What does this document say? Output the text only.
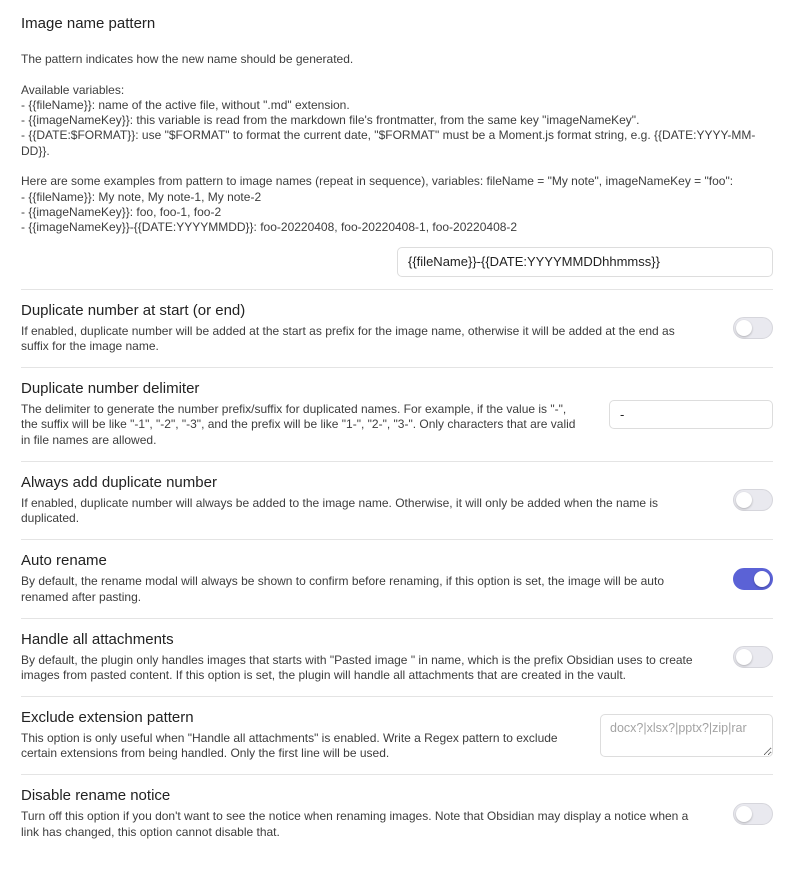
Image name pattern
The pattern indicates how the new name should be generated.
Available variables:
- {{fileName}}: name of the active file, without ".md" extension.
- {{imageNameKey}}: this variable is read from the markdown file's frontmatter, from the same key "imageNameKey".
- {{DATE:$FORMAT}}: use "$FORMAT" to format the current date, "$FORMAT" must be a Moment.js format string, e.g. {{DATE:YYYY-MM-DD}}.
Here are some examples from pattern to image names (repeat in sequence), variables: fileName = "My note", imageNameKey = "foo":
- {{fileName}}: My note, My note-1, My note-2
- {{imageNameKey}}: foo, foo-1, foo-2
- {{imageNameKey}}-{{DATE:YYYYMMDD}}: foo-20220408, foo-20220408-1, foo-20220408-2
{{fileName}}-{{DATE:YYYYMMDDhhmmss}}
Duplicate number at start (or end)
If enabled, duplicate number will be added at the start as prefix for the image name, otherwise it will be added at the end as suffix for the image name.
Duplicate number delimiter
The delimiter to generate the number prefix/suffix for duplicated names. For example, if the value is "-", the suffix will be like "-1", "-2", "-3", and the prefix will be like "1-", "2-", "3-". Only characters that are valid in file names are allowed.
-
Always add duplicate number
If enabled, duplicate number will always be added to the image name. Otherwise, it will only be added when the name is duplicated.
Auto rename
By default, the rename modal will always be shown to confirm before renaming, if this option is set, the image will be auto renamed after pasting.
Handle all attachments
By default, the plugin only handles images that starts with "Pasted image " in name, which is the prefix Obsidian uses to create images from pasted content. If this option is set, the plugin will handle all attachments that are created in the vault.
Exclude extension pattern
This option is only useful when "Handle all attachments" is enabled. Write a Regex pattern to exclude certain extensions from being handled. Only the first line will be used.
docx?|xlsx?|pptx?|zip|rar
Disable rename notice
Turn off this option if you don't want to see the notice when renaming images. Note that Obsidian may display a notice when a link has changed, this option cannot disable that.
